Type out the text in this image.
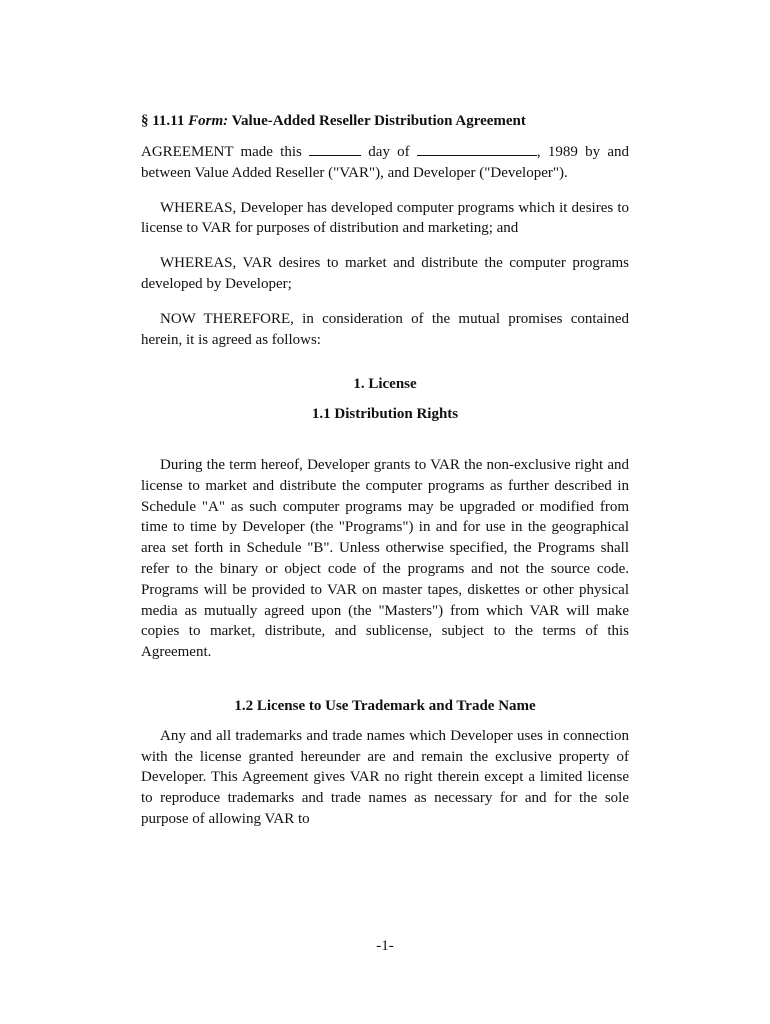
§ 11.11 Form: Value-Added Reseller Distribution Agreement

AGREEMENT made this	day of	, 1989 by and between Value Added Reseller ("VAR"), and Developer ("Developer").

WHEREAS, Developer has developed computer programs which it desires to license to VAR for purposes of distribution and marketing; and

WHEREAS, VAR desires to market and distribute the computer programs developed by Developer;

NOW THEREFORE, in consideration of the mutual promises contained herein, it is agreed as follows:

1. License
1.1 Distribution Rights

During the term hereof, Developer grants to VAR the non-exclusive right and license to market and distribute the computer programs as further described in Schedule "A" as such computer programs may be upgraded or modified from time to time by Developer (the "Programs") in and for use in the geographical area set forth in Schedule "B". Unless otherwise specified, the Programs shall refer to the binary or object code of the programs and not the source code. Programs will be provided to VAR on master tapes, diskettes or other physical media as mutually agreed upon (the "Masters") from which VAR will make copies to market, distribute, and sublicense, subject to the terms of this Agreement.

1.2 License to Use Trademark and Trade Name

Any and all trademarks and trade names which Developer uses in connection with the license granted hereunder are and remain the exclusive property of Developer. This Agreement gives VAR no right therein except a limited license to reproduce trademarks and trade names as necessary for and for the sole purpose of allowing VAR to

-1-
